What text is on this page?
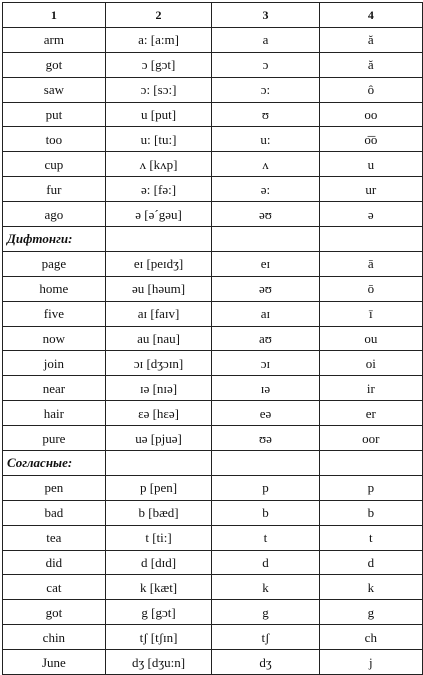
1	2	3	4
arm	a: [a:m]	a	ă
got	ɔ [gɔt]	ɔ	ă
saw	ɔ: [sɔ:]	ɔ:	ô
put	u [put]	ʊ	oo
too	u: [tu:]	u:	o͞o
cup	ʌ [kʌp]	ʌ	u
fur	ə: [fə:]	ə:	ur
ago	ə [əˊgəu]	əʊ	ə
Дифтонги:			
page	eɪ [peɪdʒ]	eɪ	ā
home	əu [həum]	əʊ	ō
five	aɪ [faɪv]	aɪ	ī
now	au [nau]	aʊ	ou
join	ɔɪ [dʒɔɪn]	ɔɪ	oi
near	ɪə [nɪə]	ɪə	ir
hair	εə [hεə]	eə	er
pure	uə [pjuə]	ʊə	oor
Согласные:			
pen	p [pen]	p	p
bad	b [bæd]	b	b
tea	t [ti:]	t	t
did	d [dɪd]	d	d
cat	k [kæt]	k	k
got	g [gɔt]	g	g
chin	tʃ [tʃɪn]	tʃ	ch
June	dʒ [dʒu:n]	dʒ	j
